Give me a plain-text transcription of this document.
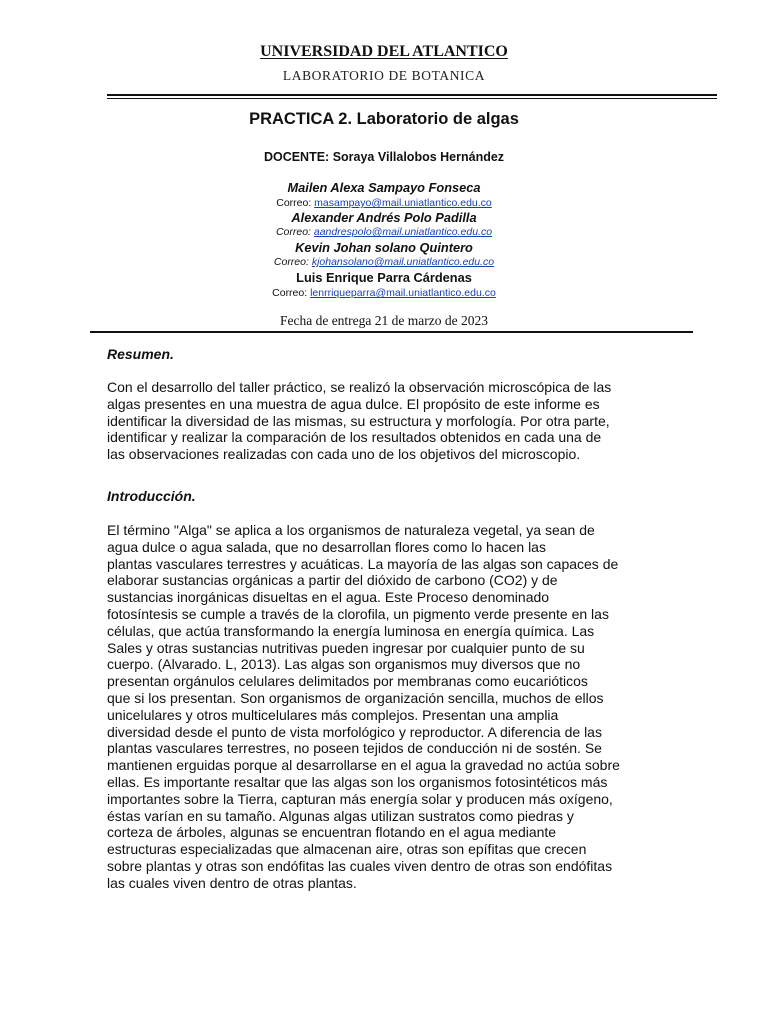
UNIVERSIDAD DEL ATLANTICO
LABORATORIO DE BOTANICA
PRACTICA 2. Laboratorio de algas
DOCENTE: Soraya Villalobos Hernández
Mailen Alexa Sampayo Fonseca
Correo: masampayo@mail.uniatlantico.edu.co
Alexander Andrés Polo Padilla
Correo: aandrespolo@mail.uniatlantico.edu.co
Kevin Johan solano Quintero
Correo: kjohansolano@mail.uniatlantico.edu.co
Luis Enrique Parra Cárdenas
Correo: lenrriqueparra@mail.uniatlantico.edu.co
Fecha de entrega 21 de marzo de 2023
Resumen.
Con el desarrollo del taller práctico, se realizó la observación microscópica de las
algas presentes en una muestra de agua dulce. El propósito de este informe es
identificar la diversidad de las mismas, su estructura y morfología. Por otra parte,
identificar y realizar la comparación de los resultados obtenidos en cada una de
las observaciones realizadas con cada uno de los objetivos del microscopio.
Introducción.
El término "Alga" se aplica a los organismos de naturaleza vegetal, ya sean de
agua dulce o agua salada, que no desarrollan flores como lo hacen las
plantas vasculares terrestres y acuáticas. La mayoría de las algas son capaces de
elaborar sustancias orgánicas a partir del dióxido de carbono (CO2) y de
sustancias inorgánicas disueltas en el agua. Este Proceso denominado
fotosíntesis se cumple a través de la clorofila, un pigmento verde presente en las
células, que actúa transformando la energía luminosa en energía química. Las
Sales y otras sustancias nutritivas pueden ingresar por cualquier punto de su
cuerpo. (Alvarado. L, 2013). Las algas son organismos muy diversos que no
presentan orgánulos celulares delimitados por membranas como eucarióticos
que si los presentan. Son organismos de organización sencilla, muchos de ellos
unicelulares y otros multicelulares más complejos. Presentan una amplia
diversidad desde el punto de vista morfológico y reproductor. A diferencia de las
plantas vasculares terrestres, no poseen tejidos de conducción ni de sostén. Se
mantienen erguidas porque al desarrollarse en el agua la gravedad no actúa sobre
ellas. Es importante resaltar que las algas son los organismos fotosintéticos más
importantes sobre la Tierra, capturan más energía solar y producen más oxígeno,
éstas varían en su tamaño. Algunas algas utilizan sustratos como piedras y
corteza de árboles, algunas se encuentran flotando en el agua mediante
estructuras especializadas que almacenan aire, otras son epífitas que crecen
sobre plantas y otras son endófitas las cuales viven dentro de otras son endófitas
las cuales viven dentro de otras plantas.
